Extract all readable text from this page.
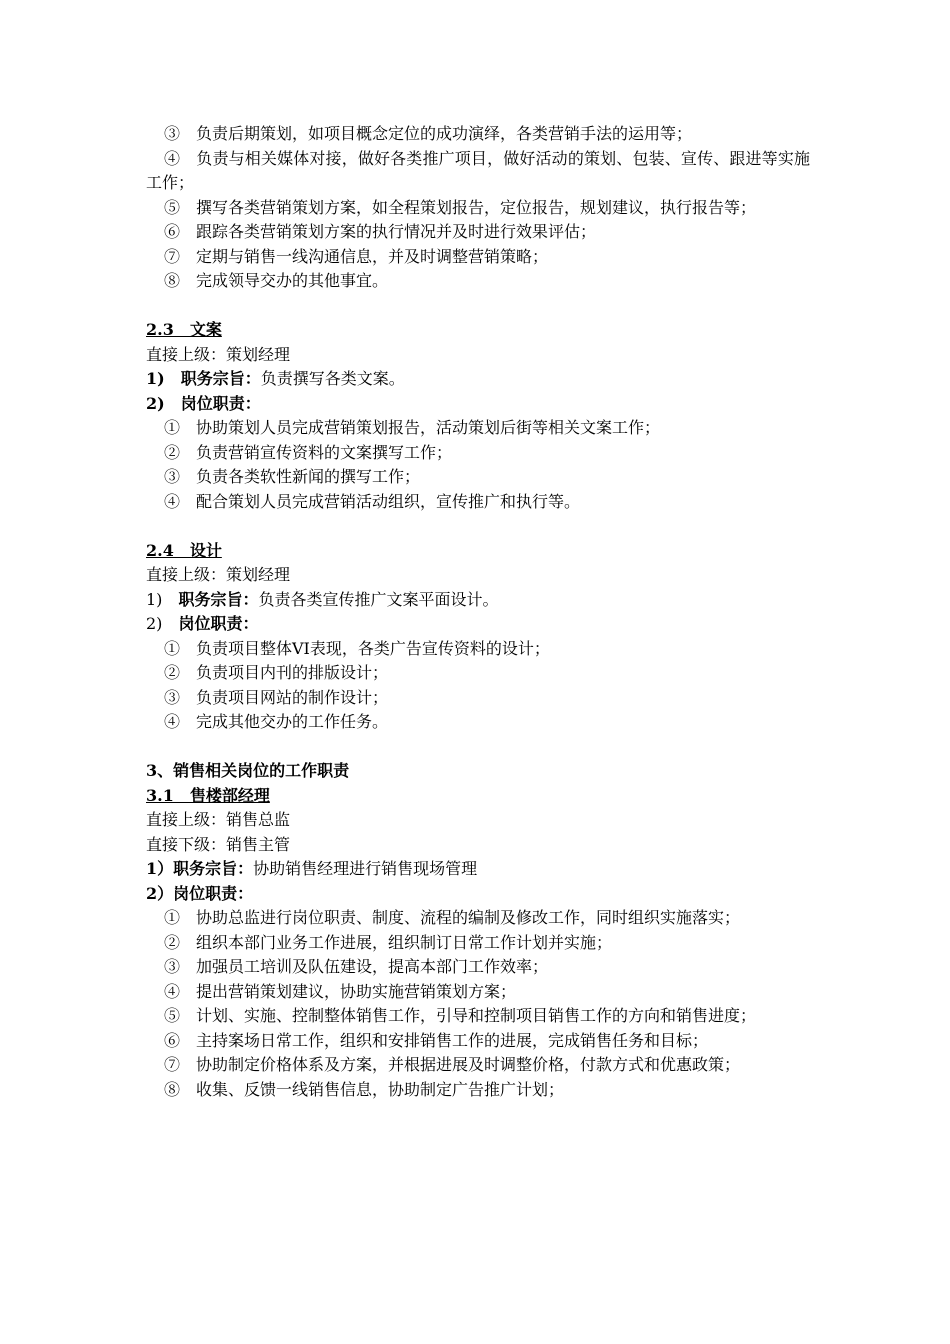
③　负责后期策划，如项目概念定位的成功演绎，各类营销手法的运用等；
④　负责与相关媒体对接，做好各类推广项目，做好活动的策划、包装、宣传、跟进等实施工作；
⑤　撰写各类营销策划方案，如全程策划报告，定位报告，规划建议，执行报告等；
⑥　跟踪各类营销策划方案的执行情况并及时进行效果评估；
⑦　定期与销售一线沟通信息，并及时调整营销策略；
⑧　完成领导交办的其他事宜。
2.3　文案
直接上级：策划经理
1)　职务宗旨：负责撰写各类文案。
2)　岗位职责：
①　协助策划人员完成营销策划报告，活动策划后街等相关文案工作；
②　负责营销宣传资料的文案撰写工作；
③　负责各类软性新闻的撰写工作；
④　配合策划人员完成营销活动组织，宣传推广和执行等。
2.4　设计
直接上级：策划经理
1)　职务宗旨：负责各类宣传推广文案平面设计。
2)　岗位职责：
①　负责项目整体VI表现，各类广告宣传资料的设计；
②　负责项目内刊的排版设计；
③　负责项目网站的制作设计；
④　完成其他交办的工作任务。
3、销售相关岗位的工作职责
3.1　售楼部经理
直接上级：销售总监
直接下级：销售主管
1）职务宗旨：协助销售经理进行销售现场管理
2）岗位职责：
①　协助总监进行岗位职责、制度、流程的编制及修改工作，同时组织实施落实；
②　组织本部门业务工作进展，组织制订日常工作计划并实施；
③　加强员工培训及队伍建设，提高本部门工作效率；
④　提出营销策划建议，协助实施营销策划方案；
⑤　计划、实施、控制整体销售工作，引导和控制项目销售工作的方向和销售进度；
⑥　主持案场日常工作，组织和安排销售工作的进展，完成销售任务和目标；
⑦　协助制定价格体系及方案，并根据进展及时调整价格，付款方式和优惠政策；
⑧　收集、反馈一线销售信息，协助制定广告推广计划；
